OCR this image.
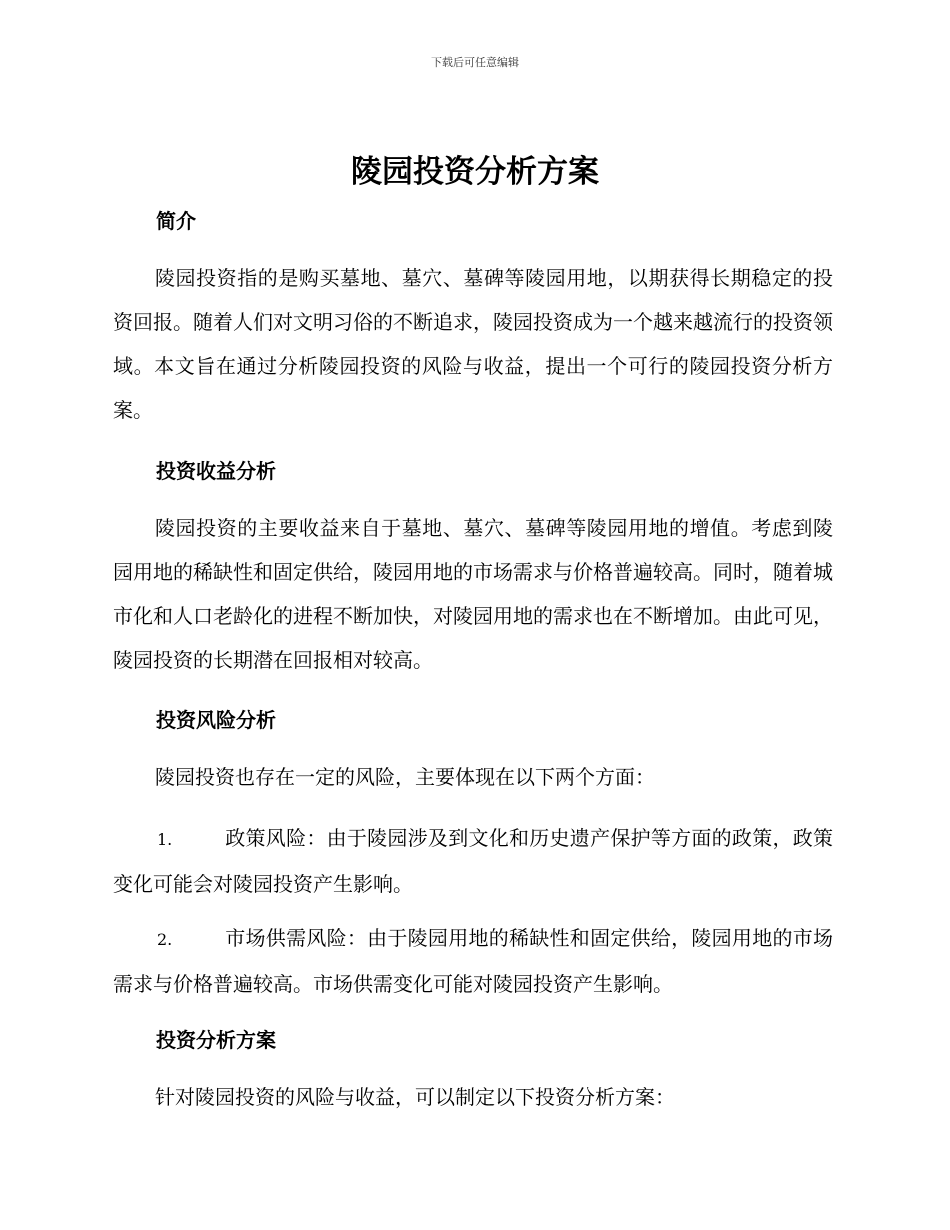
下载后可任意编辑
陵园投资分析方案
简介

陵园投资指的是购买墓地、墓穴、墓碑等陵园用地，以期获得长期稳定的投资回报。随着人们对文明习俗的不断追求，陵园投资成为一个越来越流行的投资领域。本文旨在通过分析陵园投资的风险与收益，提出一个可行的陵园投资分析方案。

投资收益分析

陵园投资的主要收益来自于墓地、墓穴、墓碑等陵园用地的增值。考虑到陵园用地的稀缺性和固定供给，陵园用地的市场需求与价格普遍较高。同时，随着城市化和人口老龄化的进程不断加快，对陵园用地的需求也在不断增加。由此可见，陵园投资的长期潜在回报相对较高。

投资风险分析

陵园投资也存在一定的风险，主要体现在以下两个方面：

1.	政策风险：由于陵园涉及到文化和历史遗产保护等方面的政策，政策变化可能会对陵园投资产生影响。

2.	市场供需风险：由于陵园用地的稀缺性和固定供给，陵园用地的市场需求与价格普遍较高。市场供需变化可能对陵园投资产生影响。

投资分析方案

针对陵园投资的风险与收益，可以制定以下投资分析方案：
